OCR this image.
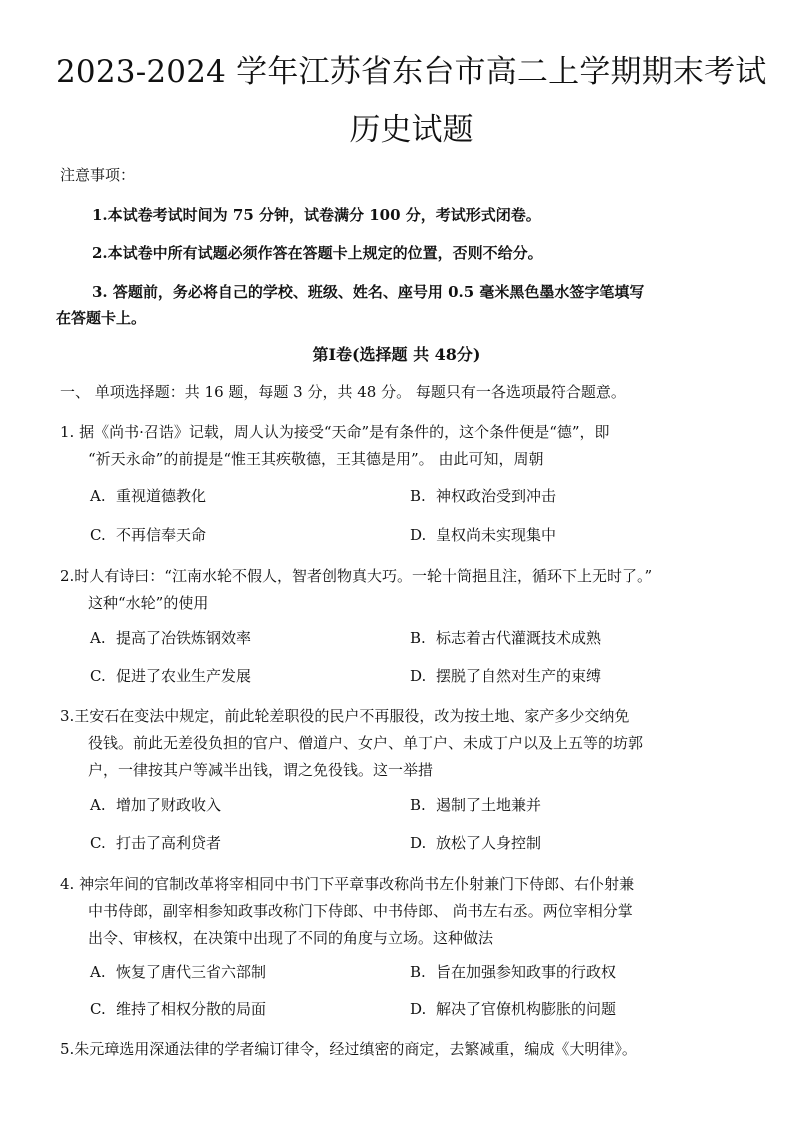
2023-2024 学年江苏省东台市高二上学期期末考试
历史试题
注意事项：
1.本试卷考试时间为 75 分钟，试卷满分 100 分，考试形式闭卷。
2.本试卷中所有试题必须作答在答题卡上规定的位置，否则不给分。
3. 答题前，务必将自己的学校、班级、姓名、座号用 0.5 毫米黑色墨水签字笔填写
在答题卡上。
第Ⅰ卷(选择题 共 48分)
一、 单项选择题：共 16 题，每题 3 分，共 48 分。 每题只有一各选项最符合题意。
1. 据《尚书·召诰》记载，周人认为接受“天命”是有条件的，这个条件便是“德”，即
“祈天永命”的前提是“惟王其疾敬德，王其德是用”。 由此可知，周朝
A. 重视道德教化	B. 神权政治受到冲击
C. 不再信奉天命	D. 皇权尚未实现集中
2.时人有诗曰：“江南水轮不假人，智者创物真大巧。一轮十筒挹且注，循环下上无时了。”
这种“水轮”的使用
A. 提高了冶铁炼钢效率	B. 标志着古代灌溉技术成熟
C. 促进了农业生产发展	D. 摆脱了自然对生产的束缚
3.王安石在变法中规定，前此轮差职役的民户不再服役，改为按土地、家产多少交纳免
役钱。前此无差役负担的官户、僧道户、女户、单丁户、未成丁户以及上五等的坊郭
户，一律按其户等减半出钱，谓之免役钱。这一举措
A. 增加了财政收入	B. 遏制了土地兼并
C. 打击了高利贷者	D. 放松了人身控制
4. 神宗年间的官制改革将宰相同中书门下平章事改称尚书左仆射兼门下侍郎、右仆射兼
中书侍郎，副宰相参知政事改称门下侍郎、中书侍郎、 尚书左右丞。两位宰相分掌
出令、审核权，在决策中出现了不同的角度与立场。这种做法
A. 恢复了唐代三省六部制	B. 旨在加强参知政事的行政权
C. 维持了相权分散的局面	D. 解决了官僚机构膨胀的问题
5.朱元璋选用深通法律的学者编订律令，经过缜密的商定，去繁减重，编成《大明律》。
